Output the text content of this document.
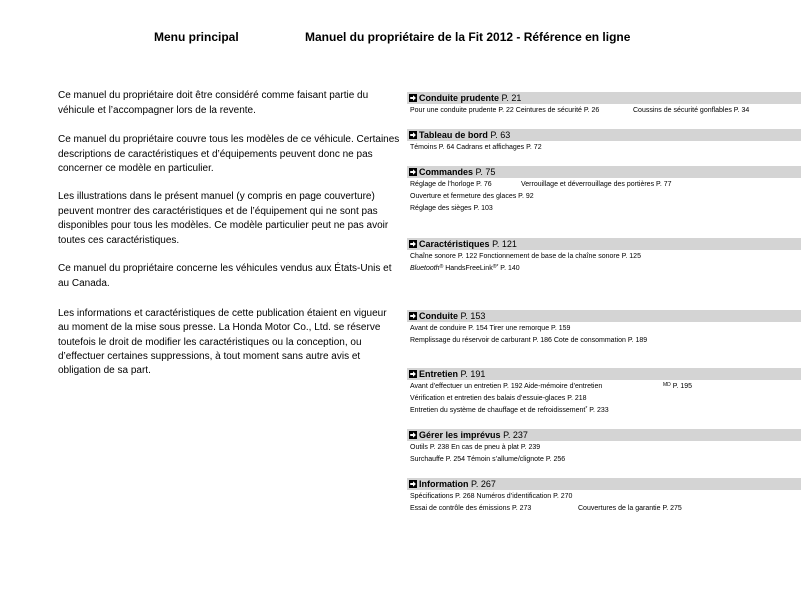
Menu principal	Manuel du propriétaire de la Fit 2012 - Référence en ligne
Ce manuel du propriétaire doit être considéré comme faisant partie du
véhicule et l’accompagner lors de la revente.
Ce manuel du propriétaire couvre tous les modèles de ce véhicule. Certaines
descriptions de caractéristiques et d’équipements peuvent donc ne pas
concerner ce modèle en particulier.
Les illustrations dans le présent manuel (y compris en page couverture)
peuvent montrer des caractéristiques et de l’équipement qui ne sont pas
disponibles pour tous les modèles. Ce modèle particulier peut ne pas avoir
toutes ces caractéristiques.
Ce manuel du propriétaire concerne les véhicules vendus aux États-Unis et
au Canada.
Les informations et caractéristiques de cette publication étaient en vigueur
au moment de la mise sous presse. La Honda Motor Co., Ltd. se réserve
toutefois le droit de modifier les caractéristiques ou la conception, ou
d’effectuer certaines suppressions, à tout moment sans autre avis et
obligation de sa part.
Conduite prudente P. 21
Pour une conduite prudente P. 22 Ceintures de sécurité P. 26	Coussins de sécurité gonflables P. 34
Tableau de bord P. 63
Témoins P. 64 Cadrans et affichages P. 72
Commandes P. 75
Réglage de l’horloge P. 76	Verrouillage et déverrouillage des portières P. 77
Ouverture et fermeture des glaces P. 92
Réglage des sièges P. 103
Caractéristiques P. 121
Chaîne sonore P. 122 Fonctionnement de base de la chaîne sonore P. 125
Bluetooth® HandsFreeLink®* P. 140
Conduite P. 153
Avant de conduire P. 154 Tirer une remorque P. 159
Remplissage du réservoir de carburant P. 186 Cote de consommation P. 189
Entretien P. 191
Avant d’effectuer un entretien P. 192 Aide-mémoire d’entretien	$^{MD}$ P. 195
Vérification et entretien des balais d’essuie-glaces P. 218
Entretien du système de chauffage et de refroidissement* P. 233
Gérer les imprévus P. 237
Outils P. 238 En cas de pneu à plat P. 239
Surchauffe P. 254 Témoin s’allume/clignote P. 256
Information P. 267
Spécifications P. 268 Numéros d’identification P. 270
Essai de contrôle des émissions P. 273	Couvertures de la garantie P. 275
